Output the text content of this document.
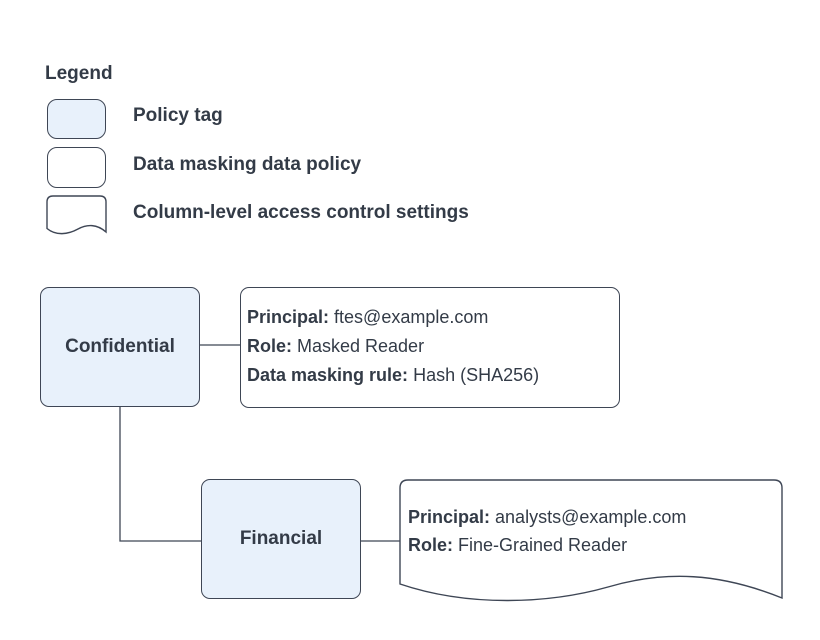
Legend
Policy tag
Data masking data policy
Column-level access control settings
Confidential
Principal: ftes@example.com
Role: Masked Reader
Data masking rule: Hash (SHA256)
Financial
Principal: analysts@example.com
Role: Fine-Grained Reader
